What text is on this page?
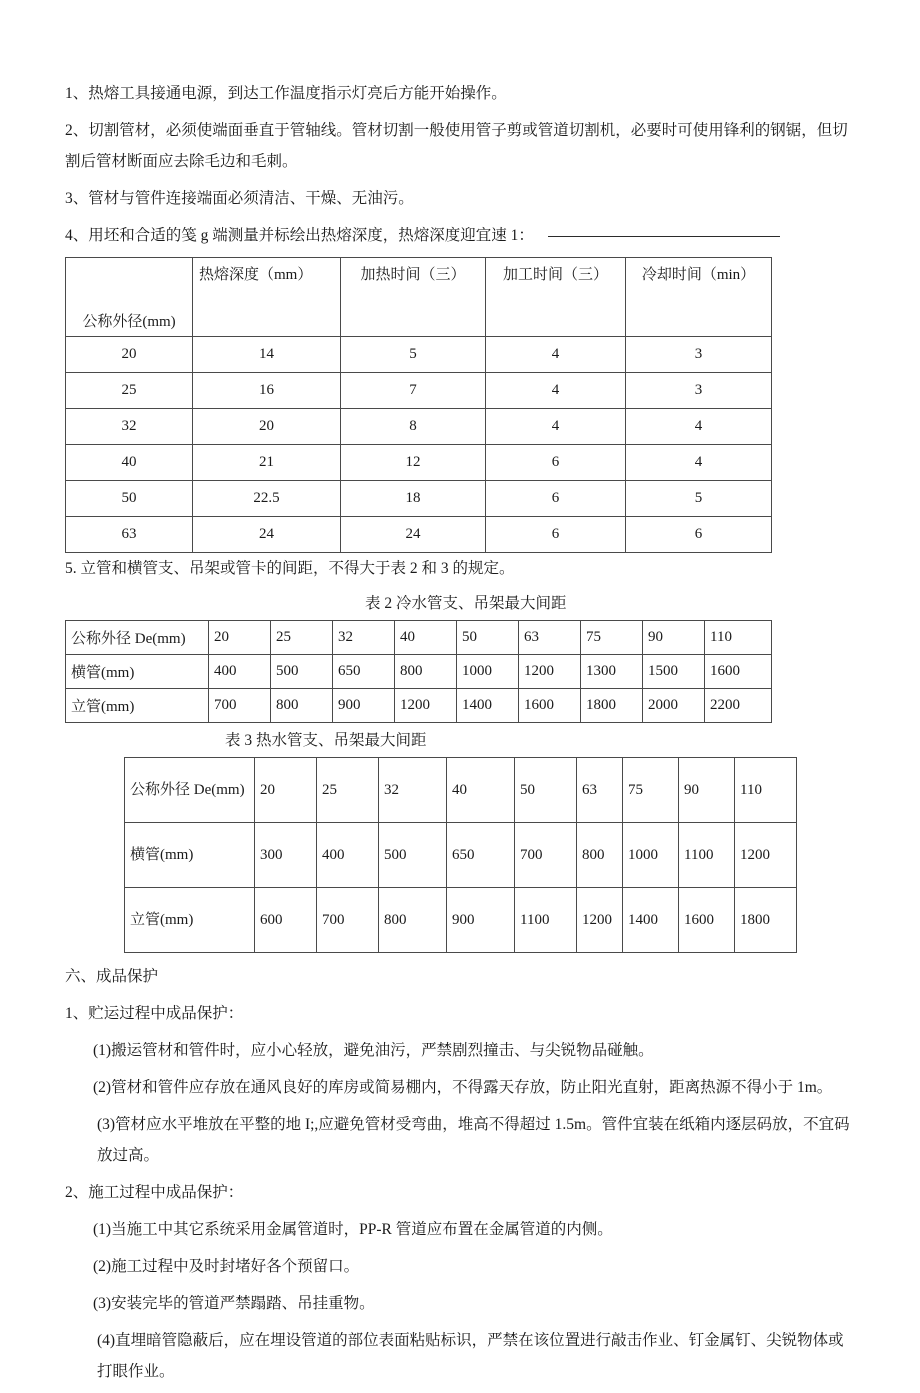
1、热熔工具接通电源，到达工作温度指示灯亮后方能开始操作。

2、切割管材，必须使端面垂直于管轴线。管材切割一般使用管子剪或管道切割机，必要时可使用锋利的钢锯，但切割后管材断面应去除毛边和毛刺。

3、管材与管件连接端面必须清洁、干燥、无油污。

4、用坯和合适的笺 g 端测量并标绘出热熔深度，热熔深度迎宜速 1：

公称外径(mm)	热熔深度（mm）	加热时间（三）	加工时间（三）	冷却时间（min）
20	14	5	4	3
25	16	7	4	3
32	20	8	4	4
40	21	12	6	4
50	22.5	18	6	5
63	24	24	6	6

5. 立管和横管支、吊架或管卡的间距，不得大于表 2 和 3 的规定。

表 2 冷水管支、吊架最大间距
公称外径 De(mm)	20	25	32	40	50	63	75	90	110
横管(mm)	400	500	650	800	1000	1200	1300	1500	1600
立管(mm)	700	800	900	1200	1400	1600	1800	2000	2200
表 3 热水管支、吊架最大间距
公称外径 De(mm)	20	25	32	40	50	63	75	90	110
横管(mm)	300	400	500	650	700	800	1000	1100	1200
立管(mm)	600	700	800	900	1100	1200	1400	1600	1800

六、成品保护

1、贮运过程中成品保护：

(1)搬运管材和管件时，应小心轻放，避免油污，严禁剧烈撞击、与尖锐物品碰触。

(2)管材和管件应存放在通风良好的库房或简易棚内，不得露天存放，防止阳光直射，距离热源不得小于 1m。

(3)管材应水平堆放在平整的地 I;,应避免管材受弯曲，堆高不得超过 1.5m。管件宜装在纸箱内逐层码放，不宜码放过高。

2、施工过程中成品保护：

(1)当施工中其它系统采用金属管道时，PP-R 管道应布置在金属管道的内侧。

(2)施工过程中及时封堵好各个预留口。

(3)安装完毕的管道严禁蹋踏、吊挂重物。

(4)直埋暗管隐蔽后，应在埋设管道的部位表面粘贴标识，严禁在该位置进行敲击作业、钉金属钉、尖锐物体或打眼作业。
